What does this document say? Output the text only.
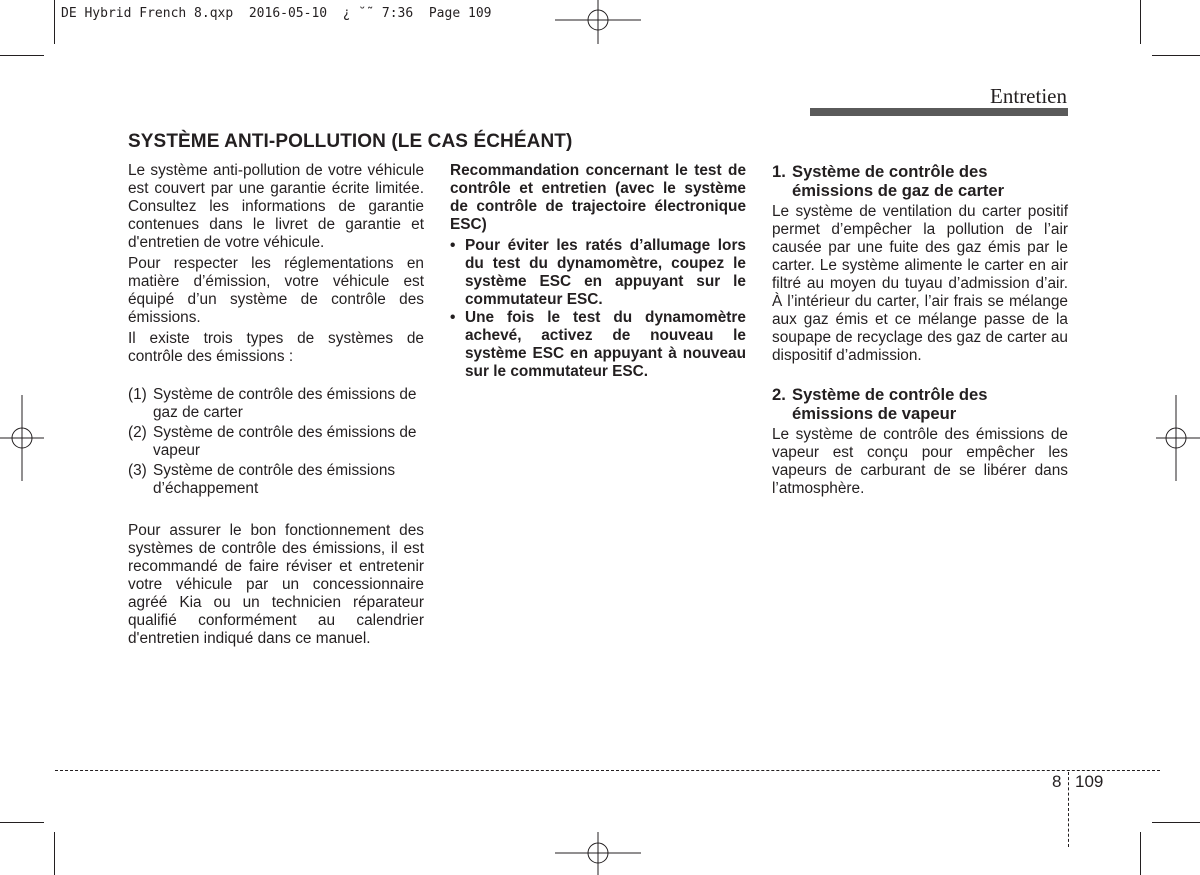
DE Hybrid French 8.qxp  2016-05-10  ¿ ˘˜ 7:36  Page 109
Entretien
SYSTÈME ANTI-POLLUTION (LE CAS ÉCHÉANT)

Le système anti-pollution de votre véhicule est couvert par une garantie écrite limitée. Consultez les informations de garantie contenues dans le livret de garantie et d'entretien de votre véhicule.

Pour respecter les réglementations en matière d’émission, votre véhicule est équipé d’un système de contrôle des émissions.

Il existe trois types de systèmes de contrôle des émissions :

(1) Système de contrôle des émissions de gaz de carter
(2) Système de contrôle des émissions de vapeur
(3) Système de contrôle des émissions d’échappement

Pour assurer le bon fonctionnement des systèmes de contrôle des émissions, il est recommandé de faire réviser et entretenir votre véhicule par un concessionnaire agréé Kia ou un technicien réparateur qualifié conformément au calendrier d'entretien indiqué dans ce manuel.

Recommandation concernant le test de contrôle et entretien (avec le système de contrôle de trajectoire électronique ESC)

• Pour éviter les ratés d’allumage lors du test du dynamomètre, coupez le système ESC en appuyant sur le commutateur ESC.
• Une fois le test du dynamomètre achevé, activez de nouveau le système ESC en appuyant à nouveau sur le commutateur ESC.
1. Système de contrôle des
émissions de gaz de carter

Le système de ventilation du carter positif permet d’empêcher la pollution de l’air causée par une fuite des gaz émis par le carter. Le système alimente le carter en air filtré au moyen du tuyau d’admission d’air. À l’intérieur du carter, l’air frais se mélange aux gaz émis et ce mélange passe de la soupape de recyclage des gaz de carter au dispositif d’admission.

2. Système de contrôle des
émissions de vapeur

Le système de contrôle des émissions de vapeur est conçu pour empêcher les vapeurs de carburant de se libérer dans l’atmosphère.

8 109
